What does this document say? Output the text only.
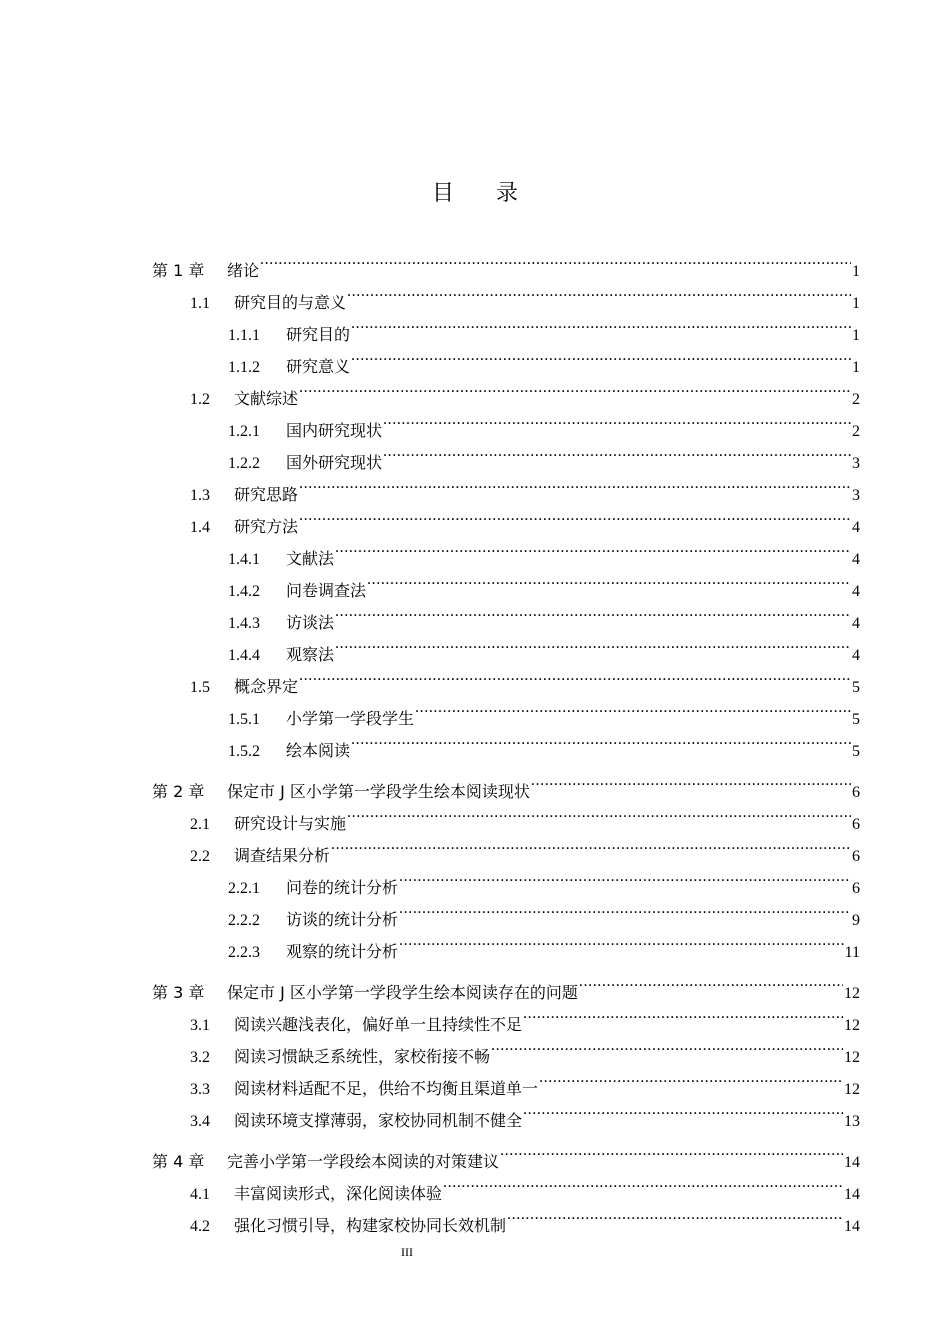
目录
第 1 章	绪论 .....	1
1.1	研究目的与意义 .....	1
1.1.1	研究目的 .....	1
1.1.2	研究意义 .....	1
1.2	文献综述 .....	2
1.2.1	国内研究现状 .....	2
1.2.2	国外研究现状 .....	3
1.3	研究思路 .....	3
1.4	研究方法 .....	4
1.4.1	文献法 .....	4
1.4.2	问卷调查法 .....	4
1.4.3	访谈法 .....	4
1.4.4	观察法 .....	4
1.5	概念界定 .....	5
1.5.1	小学第一学段学生 .....	5
1.5.2	绘本阅读 .....	5
第 2 章	保定市 J 区小学第一学段学生绘本阅读现状 .....	6
2.1	研究设计与实施 .....	6
2.2	调查结果分析 .....	6
2.2.1	问卷的统计分析 .....	6
2.2.2	访谈的统计分析 .....	9
2.2.3	观察的统计分析 .....	11
第 3 章	保定市 J 区小学第一学段学生绘本阅读存在的问题 .....	12
3.1	阅读兴趣浅表化，偏好单一且持续性不足 .....	12
3.2	阅读习惯缺乏系统性，家校衔接不畅 .....	12
3.3	阅读材料适配不足，供给不均衡且渠道单一 .....	12
3.4	阅读环境支撑薄弱，家校协同机制不健全 .....	13
第 4 章	完善小学第一学段绘本阅读的对策建议 .....	14
4.1	丰富阅读形式，深化阅读体验 .....	14
4.2	强化习惯引导，构建家校协同长效机制 .....	14
III
